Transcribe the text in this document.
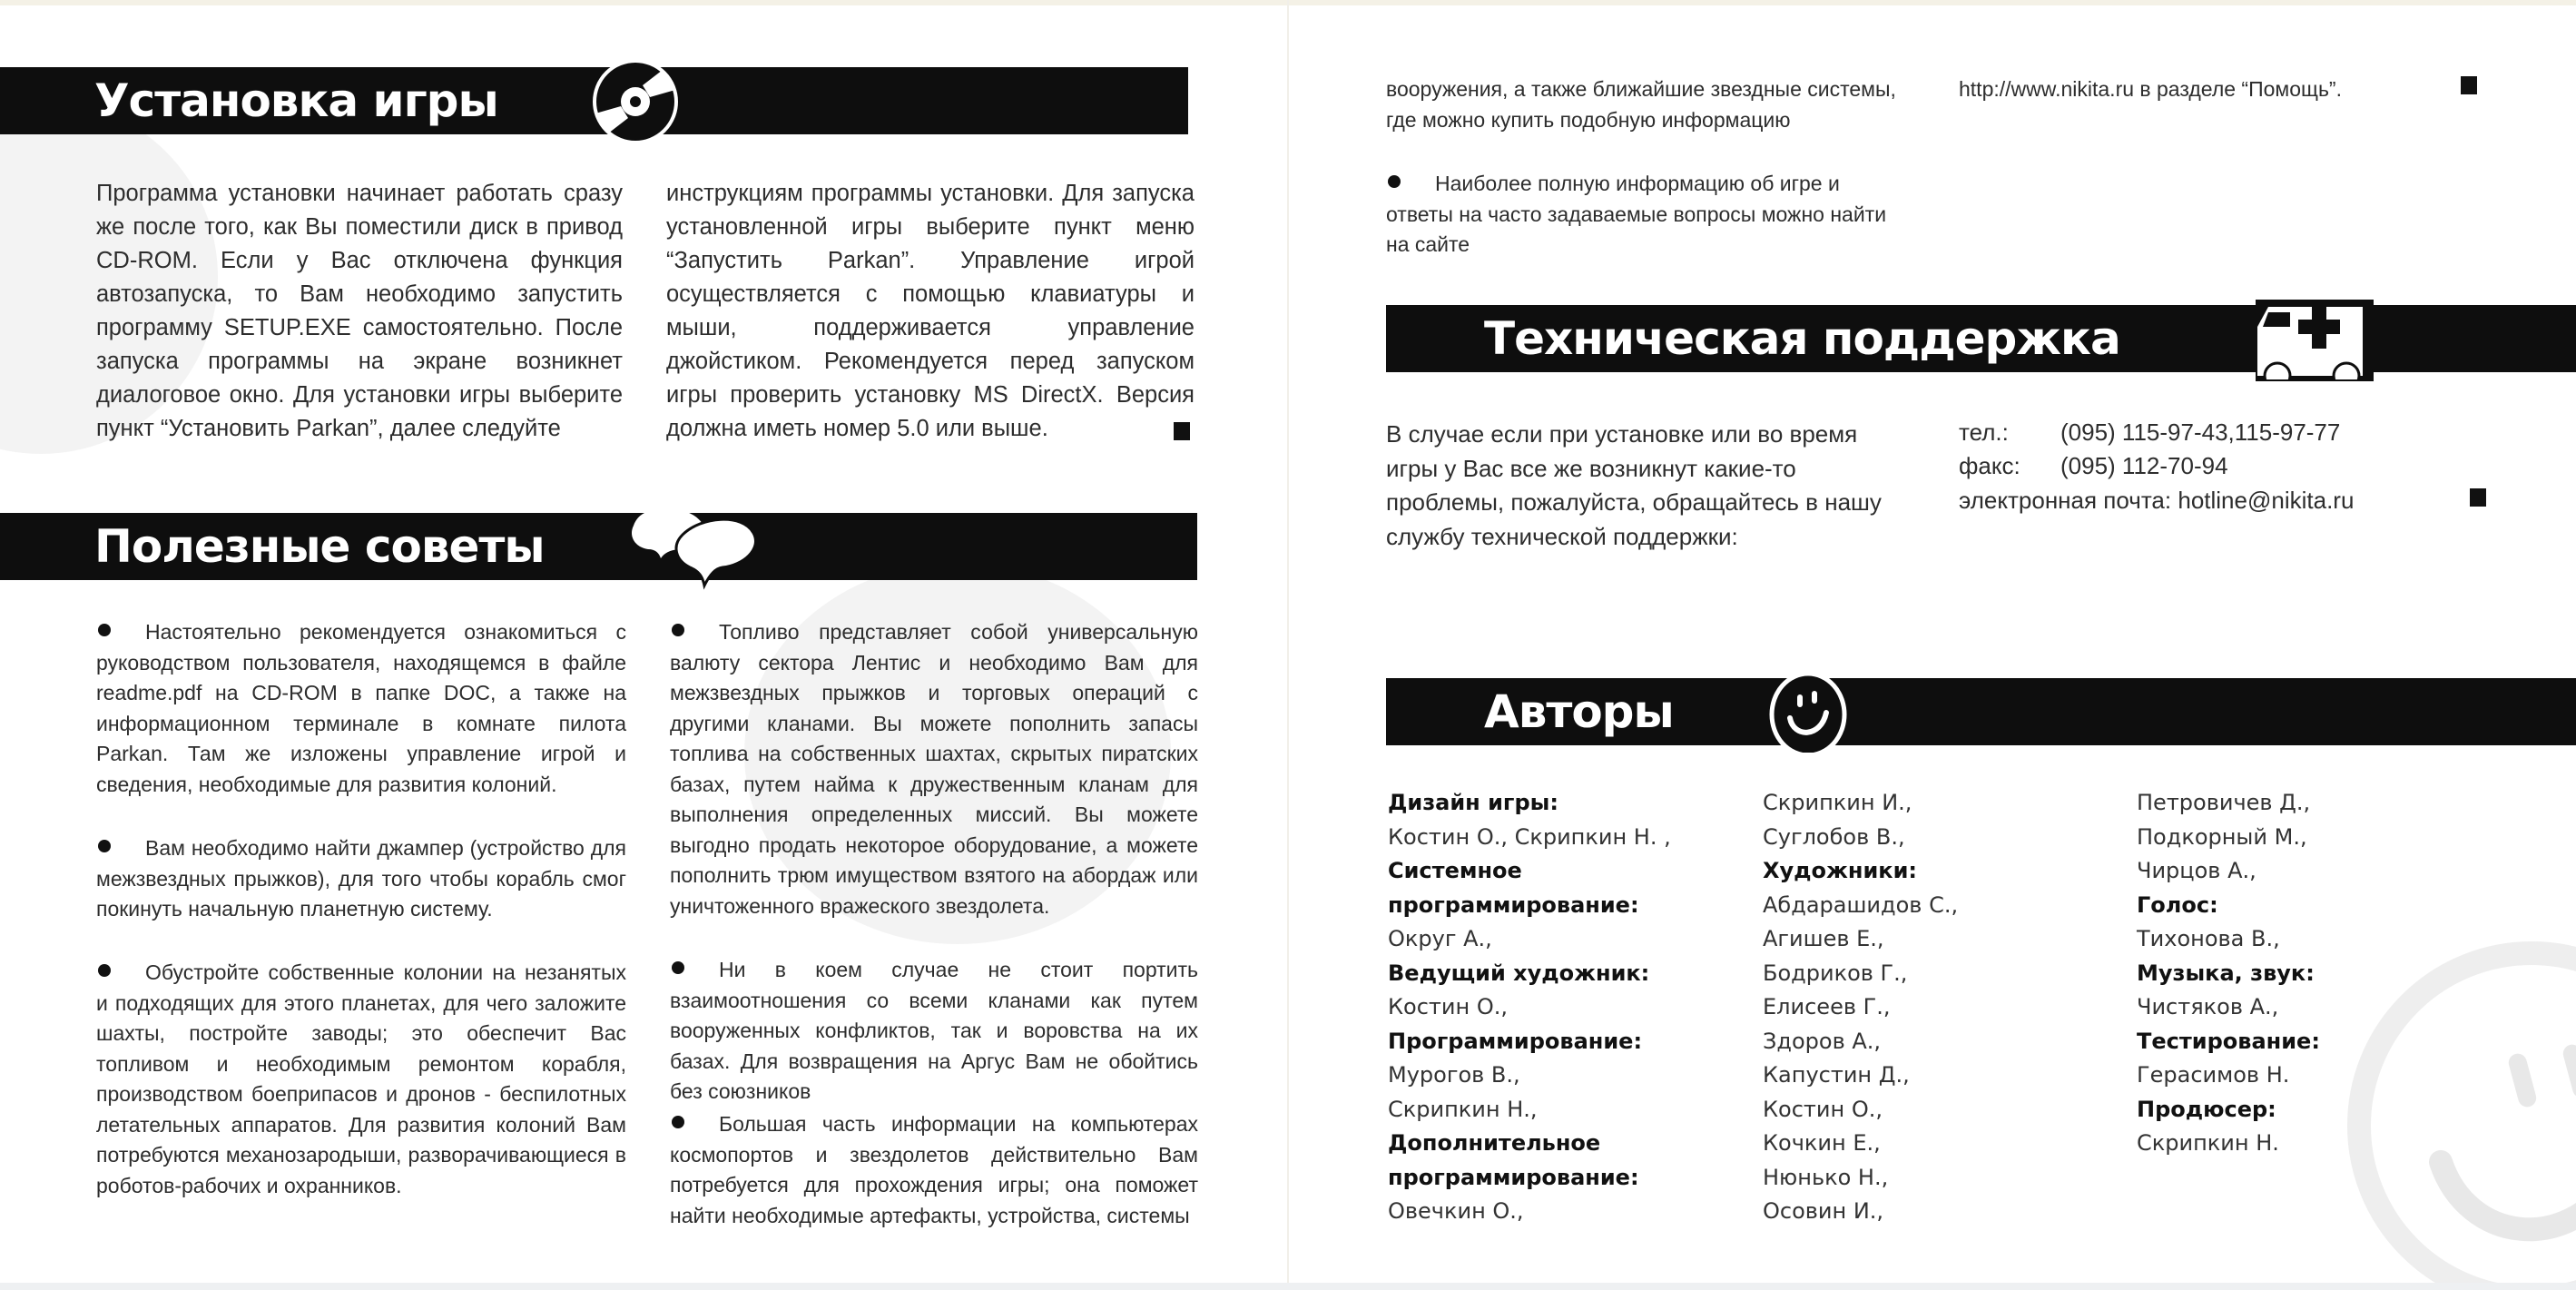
Установка игры
Программа установки начинает работать сразу же после того, как Вы поместили диск в привод CD-ROM. Если у Вас отключена функция автозапуска, то Вам необходимо запустить программу SETUP.EXE самостоятельно. После запуска программы на экране возникнет диалоговое окно. Для установки игры выберите пункт “Установить Parkan”, далее следуйте
инструкциям программы установки. Для запуска установленной игры выберите пункт меню “Запустить Parkan”. Управление игрой осуществляется с помощью клавиатуры и мыши, поддерживается управление джойстиком. Рекомендуется перед запуском игры проверить установку MS DirectX. Версия должна иметь номер 5.0 или выше.
Полезные советы
Настоятельно рекомендуется ознакомиться с руководством пользователя, находящемся в файле readme.pdf на CD-ROM в папке DOC, а также на информационном терминале в комнате пилота Parkan. Там же изложены управление игрой и сведения, необходимые для развития колоний.
Вам необходимо найти джампер (устройство для межзвездных прыжков), для того чтобы корабль смог покинуть начальную планетную систему.
Обустройте собственные колонии на незанятых и подходящих для этого планетах, для чего заложите шахты, постройте заводы; это обеспечит Вас топливом и необходимым ремонтом корабля, производством боеприпасов и дронов - беспилотных летательных аппаратов. Для развития колоний Вам потребуются механозародыши, разворачивающиеся в роботов-рабочих и охранников.
Топливо представляет собой универсальную валюту сектора Лентис и необходимо Вам для межзвездных прыжков и торговых операций с другими кланами. Вы можете пополнить запасы топлива на собственных шахтах, скрытых пиратских базах, путем найма к дружественным кланам для выполнения определенных миссий. Вы можете выгодно продать некоторое оборудование, а можете пополнить трюм имуществом взятого на абордаж или уничтоженного вражеского звездолета.
Ни в коем случае не стоит портить взаимоотношения со всеми кланами как путем вооруженных конфликтов, так и воровства на их базах. Для возвращения на Аргус Вам не обойтись без союзников
Большая часть информации на компьютерах космопортов и звездолетов действительно Вам потребуется для прохождения игры; она поможет найти необходимые артефакты, устройства, системы
вооружения, а также ближайшие звездные системы, где можно купить подобную информацию
Наиболее полную информацию об игре и ответы на часто задаваемые вопросы можно найти на сайте
http://www.nikita.ru в разделе “Помощь”.
Техническая поддержка
В случае если при установке или во время игры у Вас все же возникнут какие-то проблемы, пожалуйста, обращайтесь в нашу службу технической поддержки:
тел.: (095) 115-97-43,115-97-77
факс: (095) 112-70-94
электронная почта: hotline@nikita.ru
Авторы
Дизайн игры:
Костин О., Скрипкин Н. ,
Системное
программирование:
Округ А.,
Ведущий художник:
Костин О.,
Программирование:
Мурогов В.,
Скрипкин Н.,
Дополнительное
программирование:
Овечкин О.,
Скрипкин И.,
Суглобов В.,
Художники:
Абдарашидов С.,
Агишев Е.,
Бодриков Г.,
Елисеев Г.,
Здоров А.,
Капустин Д.,
Костин О.,
Кочкин Е.,
Нюнько Н.,
Осовин И.,
Петровичев Д.,
Подкорный М.,
Чирцов А.,
Голос:
Тихонова В.,
Музыка, звук:
Чистяков А.,
Тестирование:
Герасимов Н.
Продюсер:
Скрипкин Н.
